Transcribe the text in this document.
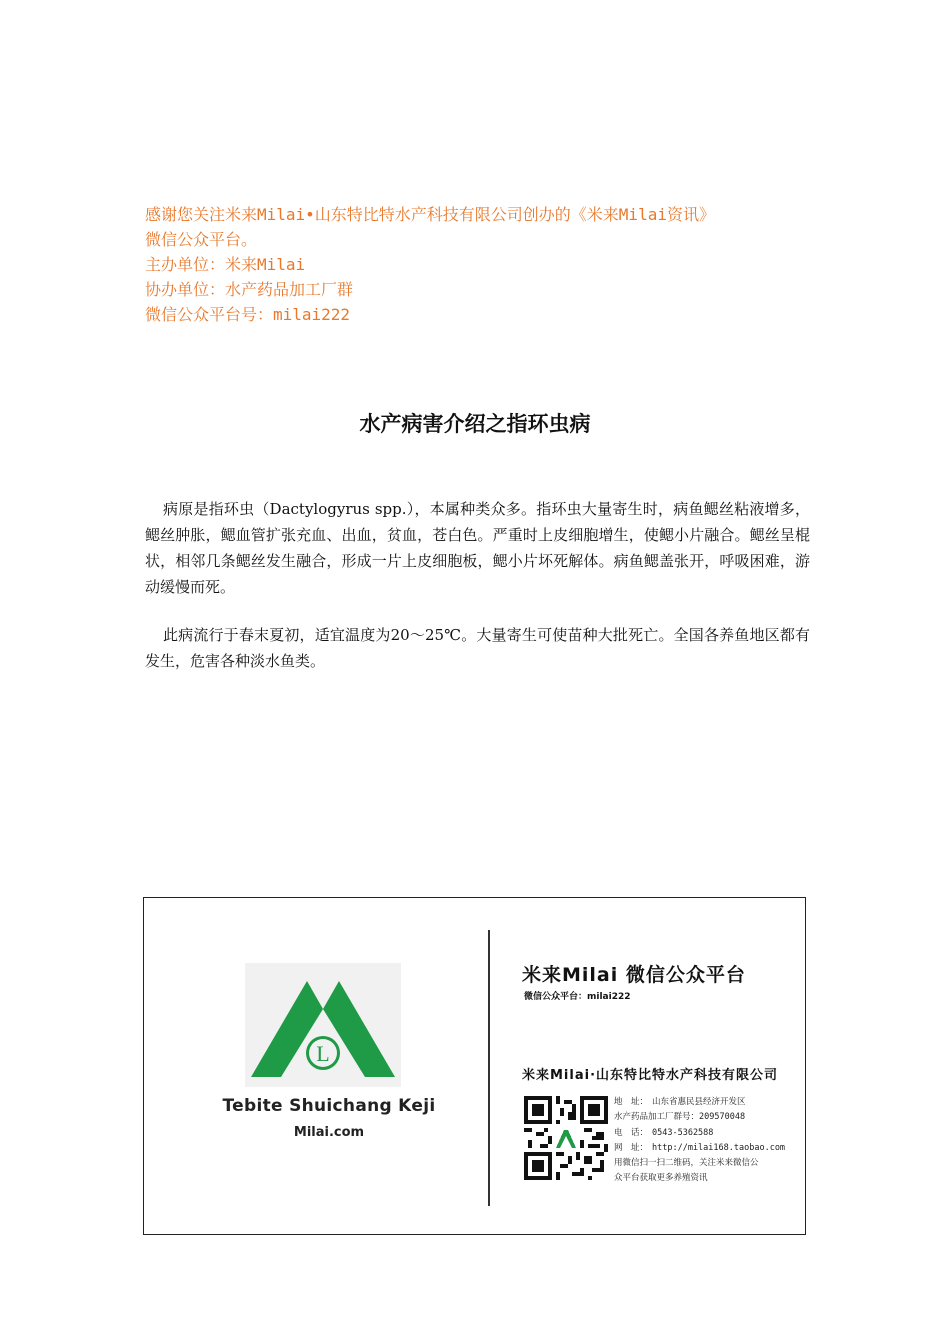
感谢您关注米来Milai•山东特比特水产科技有限公司创办的《米来Milai资讯》

微信公众平台。

主办单位：米来Milai

协办单位：水产药品加工厂群

微信公众平台号：milai222

水产病害介绍之指环虫病

病原是指环虫（Dactylogyrus spp.），本属种类众多。指环虫大量寄生时，病鱼鳃丝粘液增多，鳃丝肿胀，鳃血管扩张充血、出血，贫血，苍白色。严重时上皮细胞增生，使鳃小片融合。鳃丝呈棍状，相邻几条鳃丝发生融合，形成一片上皮细胞板，鳃小片坏死解体。病鱼鳃盖张开，呼吸困难，游动缓慢而死。

此病流行于春末夏初，适宜温度为20～25℃。大量寄生可使苗种大批死亡。全国各养鱼地区都有发生，危害各种淡水鱼类。

L
Tebite Shuichang Keji
Milai.com
米来Milai 微信公众平台
微信公众平台：milai222
米来Milai·山东特比特水产科技有限公司
地　址： 山东省惠民县经济开发区
水产药品加工厂群号：209570048
电　话： 0543-5362588
网　址： http://milai168.taobao.com
用微信扫一扫二维码，关注米来微信公
众平台获取更多养殖资讯
